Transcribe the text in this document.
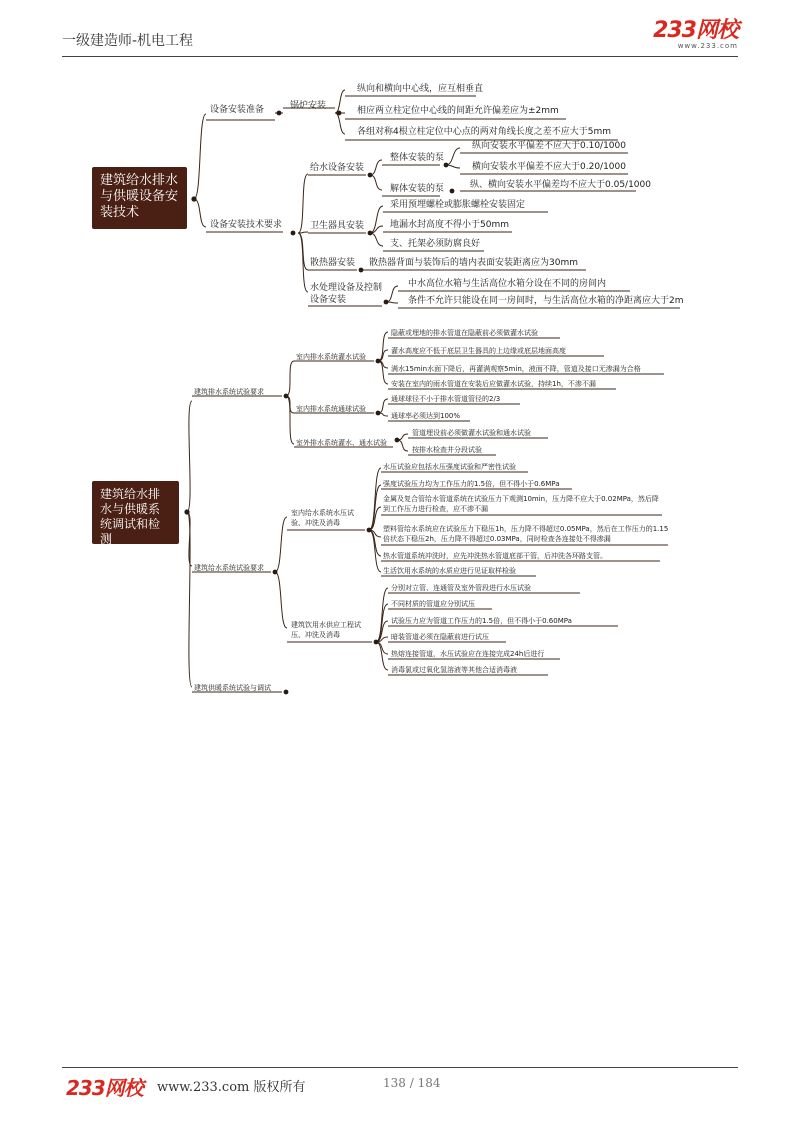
一级建造师-机电工程	233网校
www.233.com
建筑给水排水与供暖设备安装技术
设备安装准备	锅炉安装
纵向和横向中心线，应互相垂直
相应两立柱定位中心线的间距允许偏差应为±2mm
各组对称4根立柱定位中心点的两对角线长度之差不应大于5mm
设备安装技术要求
给水设备安装
整体安装的泵
纵向安装水平偏差不应大于0.10/1000
横向安装水平偏差不应大于0.20/1000
解体安装的泵	纵、横向安装水平偏差均不应大于0.05/1000
卫生器具安装
采用预埋螺栓或膨胀螺栓安装固定
地漏水封高度不得小于50mm
支、托架必须防腐良好
散热器安装 散热器背面与装饰后的墙内表面安装距离应为30mm
水处理设备及控制设备安装
中水高位水箱与生活高位水箱分设在不同的房间内
条件不允许只能设在同一房间时，与生活高位水箱的净距离应大于2m
建筑给水排水与供暖系统调试和检测
建筑排水系统试验要求
室内排水系统灌水试验
隐蔽或埋地的排水管道在隐蔽前必须做灌水试验
灌水高度应不低于底层卫生器具的上边缘或底层地面高度
满水15min水面下降后，再灌满观察5min，液面不降，管道及接口无渗漏为合格
安装在室内的雨水管道在安装后应做灌水试验，持续1h，不渗不漏
室内排水系统通球试验
通球球径不小于排水管道管径的2/3
通球率必须达到100%
室外排水系统灌水、通水试验
管道埋设前必须做灌水试验和通水试验
按排水检查井分段试验
建筑给水系统试验要求
室内给水系统水压试验、冲洗及消毒
水压试验应包括水压强度试验和严密性试验
强度试验压力均为工作压力的1.5倍，但不得小于0.6MPa
金属及复合管给水管道系统在试验压力下观测10min，压力降不应大于0.02MPa，然后降到工作压力进行检查，应不渗不漏
塑料管给水系统应在试验压力下稳压1h，压力降不得超过0.05MPa，然后在工作压力的1.15倍状态下稳压2h，压力降不得超过0.03MPa，同时检查各连接处不得渗漏
热水管道系统冲洗时，应先冲洗热水管道底部干管，后冲洗各环路支管。
生活饮用水系统的水质应进行见证取样检验
建筑饮用水供应工程试压、冲洗及消毒
分别对立管、连通管及室外管段进行水压试验
不同材质的管道应分别试压
试验压力应为管道工作压力的1.5倍，但不得小于0.60MPa
暗装管道必须在隐蔽前进行试压
热熔连接管道，水压试验应在连接完成24h后进行
消毒氯或过氧化氢溶液等其他合适消毒液
建筑供暖系统试验与调试
233网校 www.233.com 版权所有	138 / 184
